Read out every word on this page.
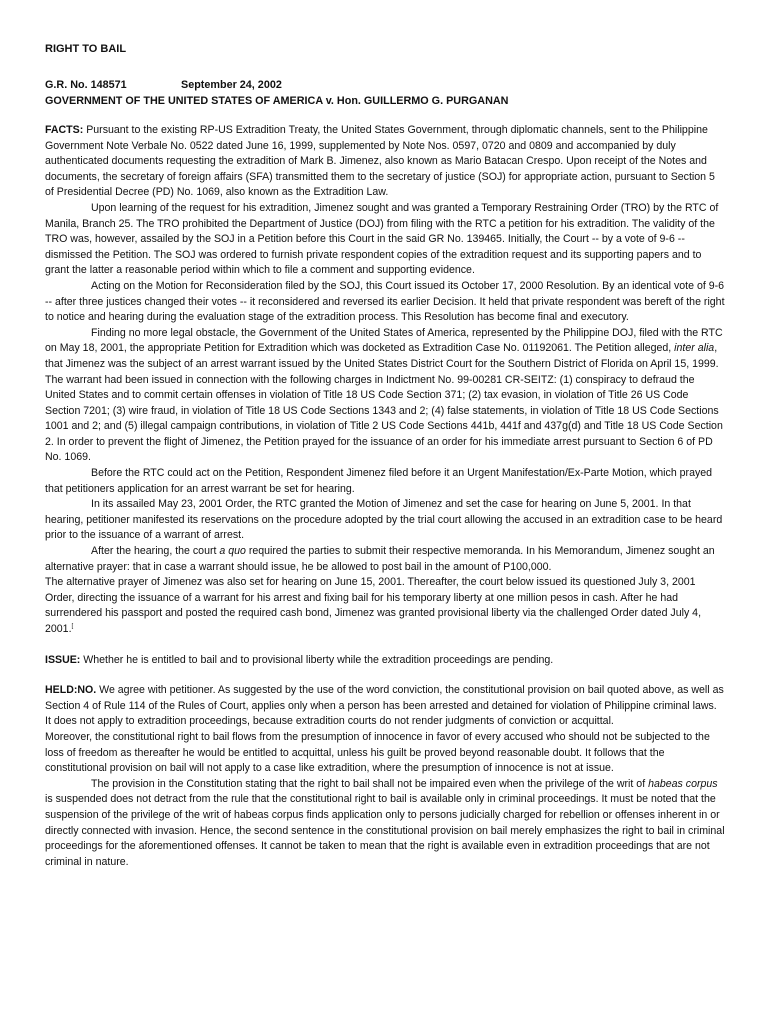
RIGHT TO BAIL
G.R. No. 148571	September 24, 2002
GOVERNMENT OF THE UNITED STATES OF AMERICA v. Hon. GUILLERMO G. PURGANAN

FACTS: Pursuant to the existing RP-US Extradition Treaty, the United States Government, through diplomatic channels, sent to the Philippine Government Note Verbale No. 0522 dated June 16, 1999, supplemented by Note Nos. 0597, 0720 and 0809 and accompanied by duly authenticated documents requesting the extradition of Mark B. Jimenez, also known as Mario Batacan Crespo. Upon receipt of the Notes and documents, the secretary of foreign affairs (SFA) transmitted them to the secretary of justice (SOJ) for appropriate action, pursuant to Section 5 of Presidential Decree (PD) No. 1069, also known as the Extradition Law.

Upon learning of the request for his extradition, Jimenez sought and was granted a Temporary Restraining Order (TRO) by the RTC of Manila, Branch 25. The TRO prohibited the Department of Justice (DOJ) from filing with the RTC a petition for his extradition. The validity of the TRO was, however, assailed by the SOJ in a Petition before this Court in the said GR No. 139465. Initially, the Court -- by a vote of 9-6 -- dismissed the Petition. The SOJ was ordered to furnish private respondent copies of the extradition request and its supporting papers and to grant the latter a reasonable period within which to file a comment and supporting evidence.

Acting on the Motion for Reconsideration filed by the SOJ, this Court issued its October 17, 2000 Resolution. By an identical vote of 9-6 -- after three justices changed their votes -- it reconsidered and reversed its earlier Decision. It held that private respondent was bereft of the right to notice and hearing during the evaluation stage of the extradition process. This Resolution has become final and executory.

Finding no more legal obstacle, the Government of the United States of America, represented by the Philippine DOJ, filed with the RTC on May 18, 2001, the appropriate Petition for Extradition which was docketed as Extradition Case No. 01192061. The Petition alleged, inter alia, that Jimenez was the subject of an arrest warrant issued by the United States District Court for the Southern District of Florida on April 15, 1999. The warrant had been issued in connection with the following charges in Indictment No. 99-00281 CR-SEITZ: (1) conspiracy to defraud the United States and to commit certain offenses in violation of Title 18 US Code Section 371; (2) tax evasion, in violation of Title 26 US Code Section 7201; (3) wire fraud, in violation of Title 18 US Code Sections 1343 and 2; (4) false statements, in violation of Title 18 US Code Sections 1001 and 2; and (5) illegal campaign contributions, in violation of Title 2 US Code Sections 441b, 441f and 437g(d) and Title 18 US Code Section 2. In order to prevent the flight of Jimenez, the Petition prayed for the issuance of an order for his immediate arrest pursuant to Section 6 of PD No. 1069.

Before the RTC could act on the Petition, Respondent Jimenez filed before it an Urgent Manifestation/Ex-Parte Motion, which prayed that petitioners application for an arrest warrant be set for hearing.

In its assailed May 23, 2001 Order, the RTC granted the Motion of Jimenez and set the case for hearing on June 5, 2001. In that hearing, petitioner manifested its reservations on the procedure adopted by the trial court allowing the accused in an extradition case to be heard prior to the issuance of a warrant of arrest.

After the hearing, the court a quo required the parties to submit their respective memoranda. In his Memorandum, Jimenez sought an alternative prayer: that in case a warrant should issue, he be allowed to post bail in the amount of P100,000.

The alternative prayer of Jimenez was also set for hearing on June 15, 2001. Thereafter, the court below issued its questioned July 3, 2001 Order, directing the issuance of a warrant for his arrest and fixing bail for his temporary liberty at one million pesos in cash. After he had surrendered his passport and posted the required cash bond, Jimenez was granted provisional liberty via the challenged Order dated July 4, 2001.[

ISSUE: Whether he is entitled to bail and to provisional liberty while the extradition proceedings are pending.

HELD:NO. We agree with petitioner. As suggested by the use of the word conviction, the constitutional provision on bail quoted above, as well as Section 4 of Rule 114 of the Rules of Court, applies only when a person has been arrested and detained for violation of Philippine criminal laws. It does not apply to extradition proceedings, because extradition courts do not render judgments of conviction or acquittal.

Moreover, the constitutional right to bail flows from the presumption of innocence in favor of every accused who should not be subjected to the loss of freedom as thereafter he would be entitled to acquittal, unless his guilt be proved beyond reasonable doubt. It follows that the constitutional provision on bail will not apply to a case like extradition, where the presumption of innocence is not at issue.

The provision in the Constitution stating that the right to bail shall not be impaired even when the privilege of the writ of habeas corpus is suspended does not detract from the rule that the constitutional right to bail is available only in criminal proceedings. It must be noted that the suspension of the privilege of the writ of habeas corpus finds application only to persons judicially charged for rebellion or offenses inherent in or directly connected with invasion. Hence, the second sentence in the constitutional provision on bail merely emphasizes the right to bail in criminal proceedings for the aforementioned offenses. It cannot be taken to mean that the right is available even in extradition proceedings that are not criminal in nature.
